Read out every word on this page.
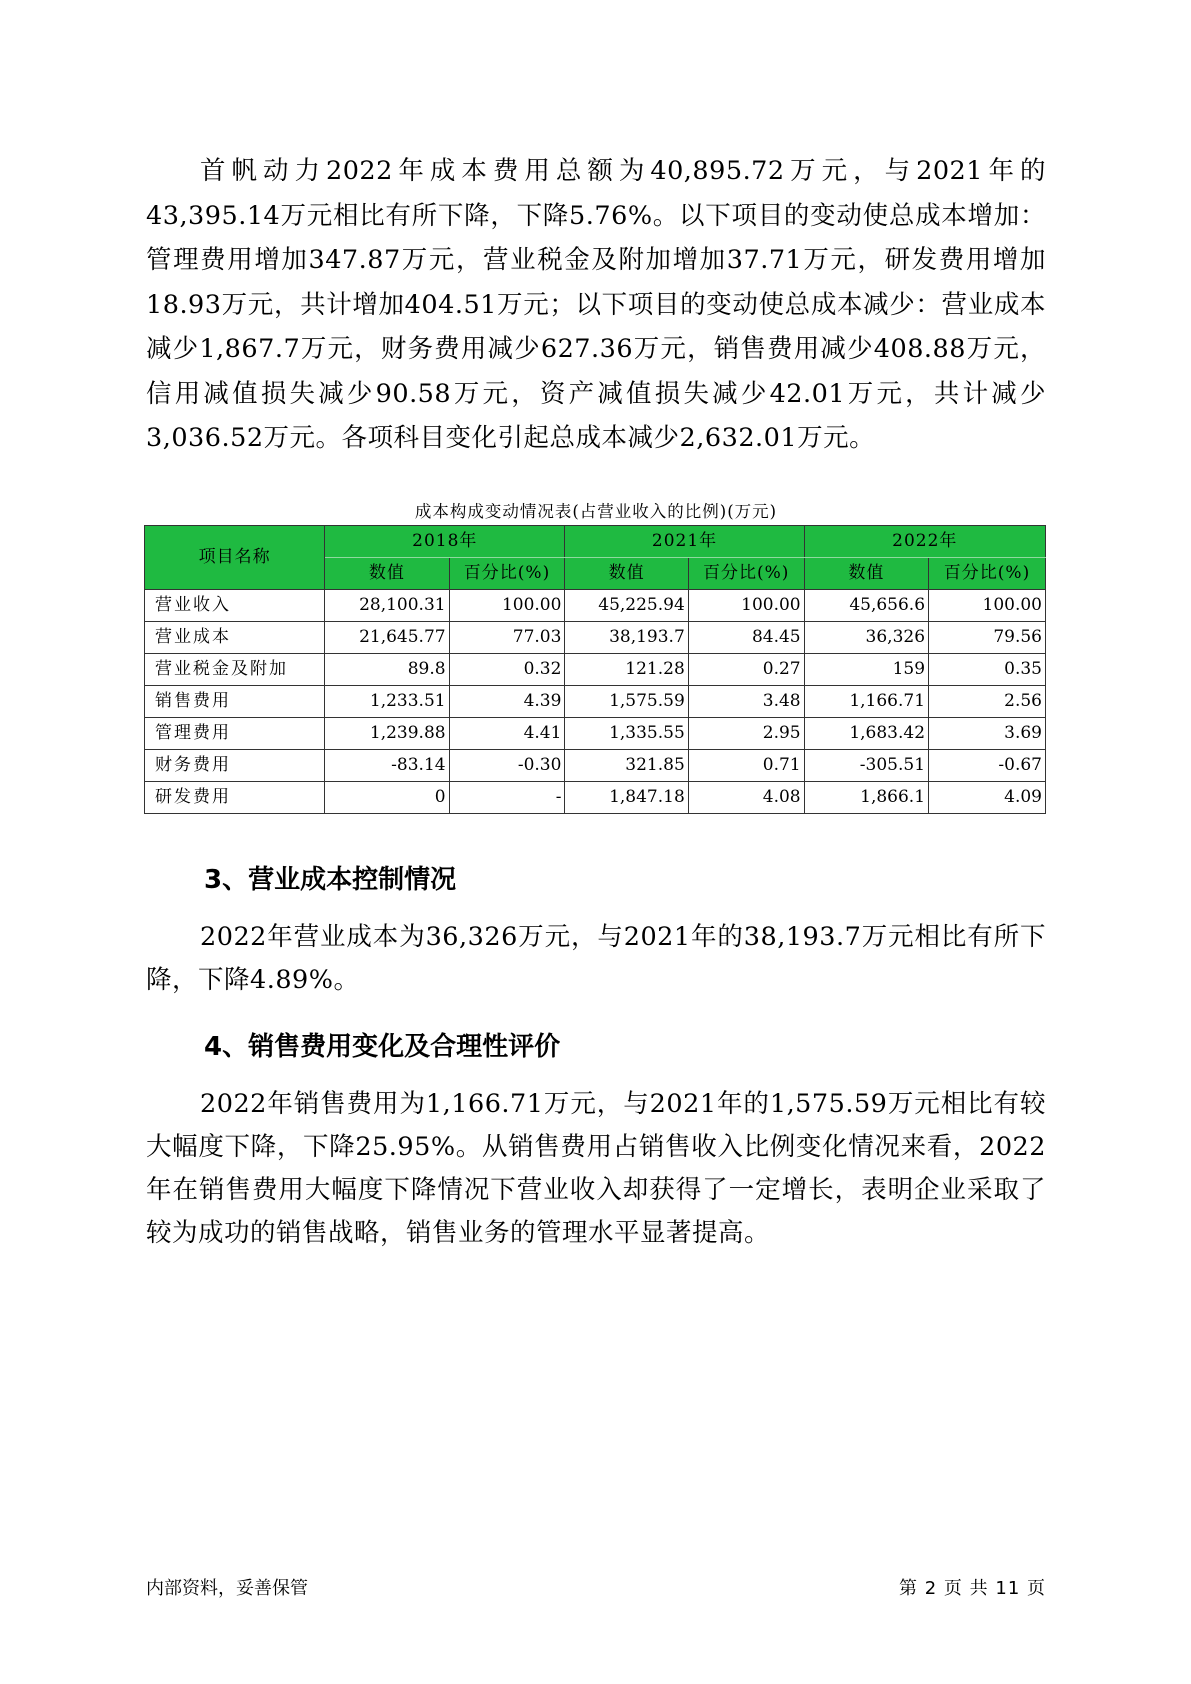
首帆动力2022年成本费用总额为40,895.72万元，与2021年的43,395.14万元相比有所下降，下降5.76%。以下项目的变动使总成本增加：管理费用增加347.87万元，营业税金及附加增加37.71万元，研发费用增加18.93万元，共计增加404.51万元；以下项目的变动使总成本减少：营业成本减少1,867.7万元，财务费用减少627.36万元，销售费用减少408.88万元，信用减值损失减少90.58万元，资产减值损失减少42.01万元，共计减少3,036.52万元。各项科目变化引起总成本减少2,632.01万元。

成本构成变动情况表(占营业收入的比例)(万元)
项目名称	2018年		2021年		2022年	
	数值	百分比(%)	数值	百分比(%)	数值	百分比(%)
营业收入	28,100.31	100.00	45,225.94	100.00	45,656.6	100.00
营业成本	21,645.77	77.03	38,193.7	84.45	36,326	79.56
营业税金及附加	89.8	0.32	121.28	0.27	159	0.35
销售费用	1,233.51	4.39	1,575.59	3.48	1,166.71	2.56
管理费用	1,239.88	4.41	1,335.55	2.95	1,683.42	3.69
财务费用	-83.14	-0.30	321.85	0.71	-305.51	-0.67
研发费用	0	-	1,847.18	4.08	1,866.1	4.09
3、营业成本控制情况

2022年营业成本为36,326万元，与2021年的38,193.7万元相比有所下降，下降4.89%。

4、销售费用变化及合理性评价

2022年销售费用为1,166.71万元，与2021年的1,575.59万元相比有较大幅度下降，下降25.95%。从销售费用占销售收入比例变化情况来看，2022年在销售费用大幅度下降情况下营业收入却获得了一定增长，表明企业采取了较为成功的销售战略，销售业务的管理水平显著提高。

内部资料，妥善保管	第 2 页 共 11 页
